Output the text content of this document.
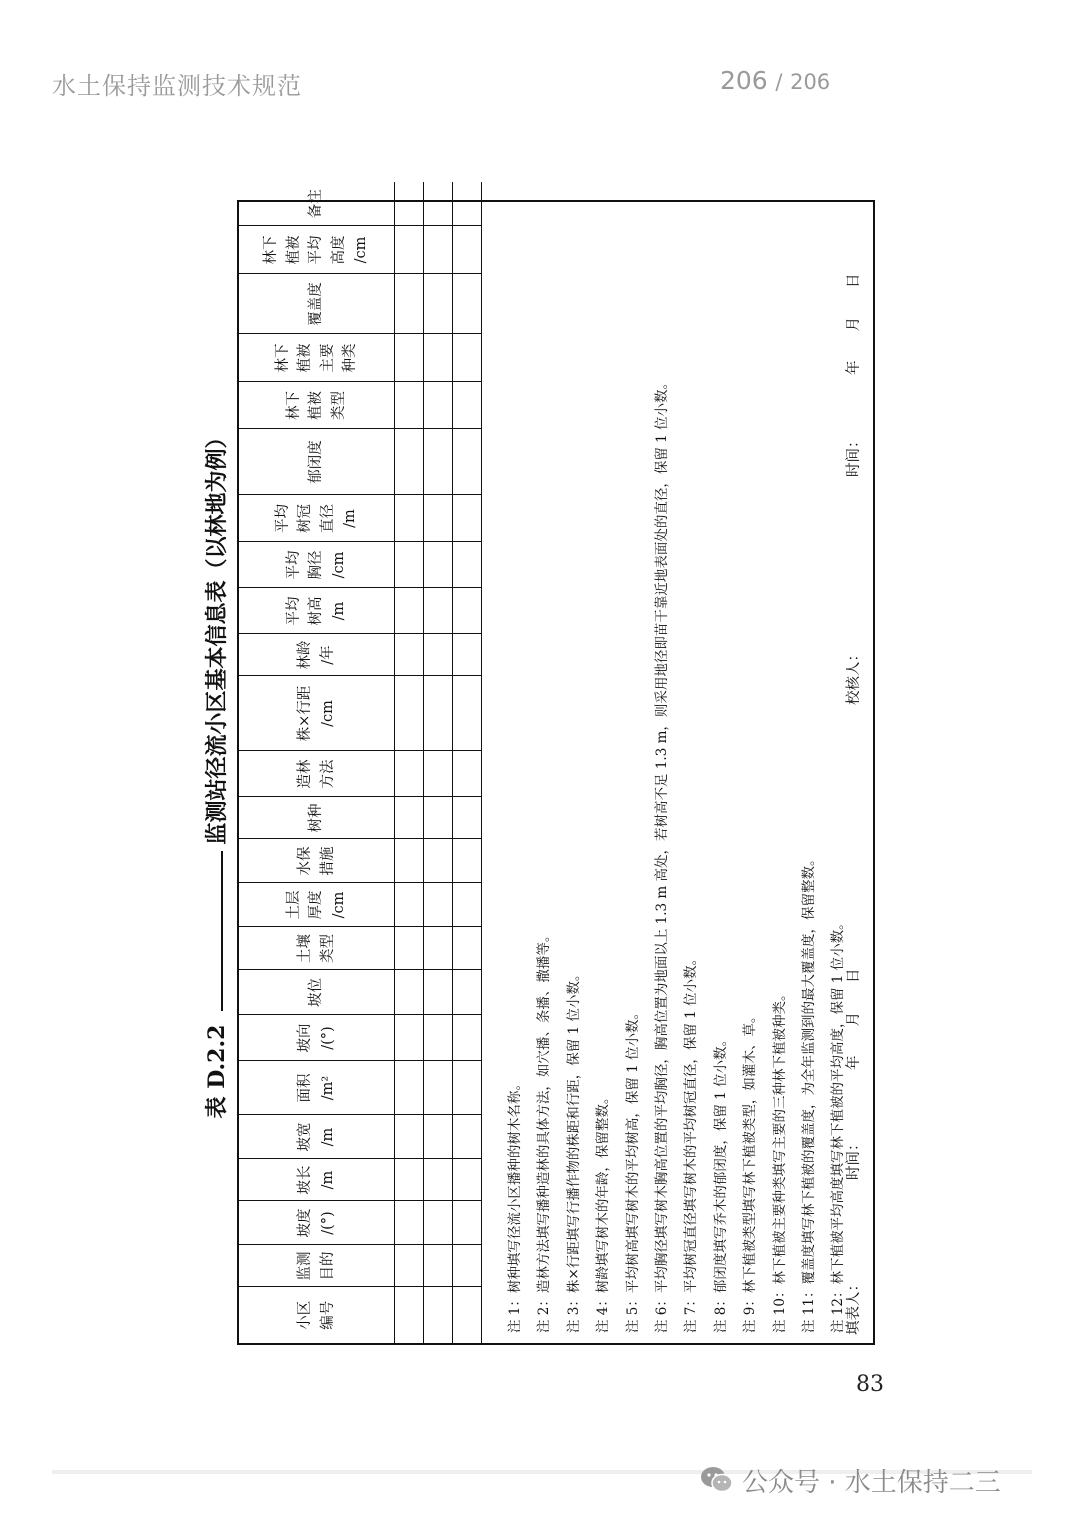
水土保持监测技术规范	206 / 206
表 D.2.2监测站径流小区基本信息表（以林地为例）
小区 编号	监测 目的	坡度 /(°)	坡长 /m	坡宽 /m	面积 /m²	坡向 /(°)	坡位	土壤 类型	土层 厚度 /cm	水保 措施	树种	造林 方法	株×行距 /cm	林龄 /年	平均 树高 /m	平均 胸径 /cm	平均 树冠 直径 /m	郁闭度	林下 植被 类型	林下 植被 主要 种类	覆盖度	林下 植被 平均 高度 /cm	备注

注 1：树种填写径流小区播种的树木名称。 注 2：造林方法填写播种造林的具体方法，如穴播、条播、撒播等。 注 3：株×行距填写行播作物的株距和行距，保留 1 位小数。 注 4：树龄填写树木的年龄，保留整数。 注 5：平均树高填写树木的平均树高，保留 1 位小数。 注 6：平均胸径填写树木胸高位置的平均胸径，胸高位置为地面以上 1.3 m 高处，若树高不足 1.3 m，则采用地径即苗干靠近地表面处的直径，保留 1 位小数。 注 7：平均树冠直径填写树木的平均树冠直径，保留 1 位小数。 注 8：郁闭度填写乔木的郁闭度，保留 1 位小数。 注 9：林下植被类型填写林下植被类型，如灌木、草。 注 10：林下植被主要种类填写主要的三种林下植被种类。 注 11：覆盖度填写林下植被的覆盖度，为全年监测到的最大覆盖度，保留整数。 注 12：林下植被平均高度填写林下植被的平均高度，保留 1 位小数。 填表人：
时间：
年　　月　　日
校核人：
时间：
年　　月　　日
83
公众号 · 水土保持二三
